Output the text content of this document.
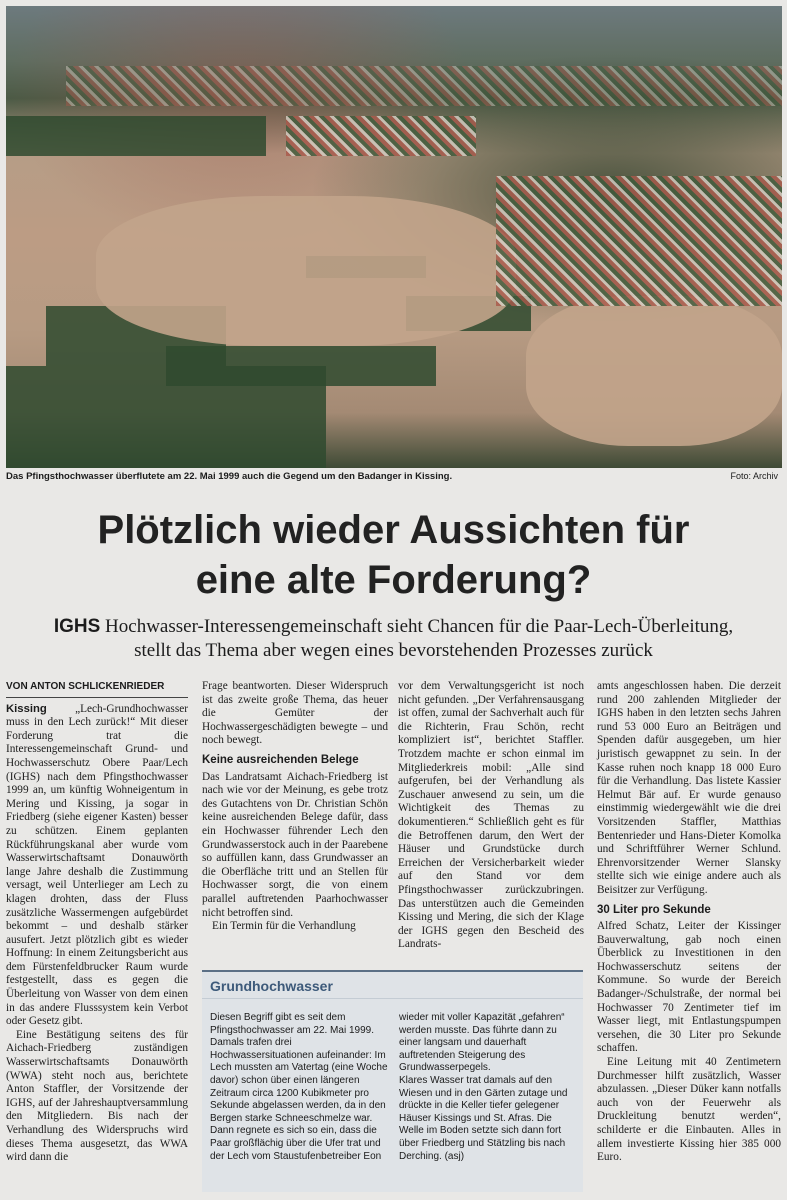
Das Pfingsthochwasser überflutete am 22. Mai 1999 auch die Gegend um den Badanger in Kissing.	Foto: Archiv
Plötzlich wieder Aussichten für
eine alte Forderung?
IGHS Hochwasser-Interessengemeinschaft sieht Chancen für die Paar-Lech-Überleitung,
stellt das Thema aber wegen eines bevorstehenden Prozesses zurück
VON ANTON SCHLICKENRIEDER

Kissing	„Lech-Grundhochwasser muss in den Lech zurück!“ Mit dieser Forderung trat die Interessengemeinschaft Grund- und Hochwasserschutz Obere Paar/Lech (IGHS) nach dem Pfingsthochwasser 1999 an, um künftig Wohneigentum in Mering und Kissing, ja sogar in Friedberg (siehe eigener Kasten) besser zu schützen. Einem geplanten Rückführungskanal aber wurde vom Wasserwirtschaftsamt Donauwörth lange Jahre deshalb die Zustimmung versagt, weil Unterlieger am Lech zu klagen drohten, dass der Fluss zusätzliche Wassermengen aufgebürdet bekommt – und deshalb stärker ausufert. Jetzt plötzlich gibt es wieder Hoffnung: In einem Zeitungsbericht aus dem Fürstenfeldbrucker Raum wurde festgestellt, dass es gegen die Überleitung von Wasser von dem einen in das andere Flusssystem kein Verbot oder Gesetz gibt.

Eine Bestätigung seitens des für Aichach-Friedberg zuständigen Wasserwirtschaftsamts Donauwörth (WWA) steht noch aus, berichtete Anton Staffler, der Vorsitzende der IGHS, auf der Jahreshauptversammlung den Mitgliedern. Bis nach der Verhandlung des Widerspruchs wird dieses Thema ausgesetzt, das WWA wird dann die

Frage beantworten. Dieser Widerspruch ist das zweite große Thema, das heuer die Gemüter der Hochwassergeschädigten bewegte – und noch bewegt.

Keine ausreichenden Belege

Das Landratsamt Aichach-Friedberg ist nach wie vor der Meinung, es gebe trotz des Gutachtens von Dr. Christian Schön keine ausreichenden Belege dafür, dass ein Hochwasser führender Lech den Grundwasserstock auch in der Paarebene so auffüllen kann, dass Grundwasser an die Oberfläche tritt und an Stellen für Hochwasser sorgt, die von einem parallel auftretenden Paarhochwasser nicht betroffen sind.

Ein Termin für die Verhandlung

vor dem Verwaltungsgericht ist noch nicht gefunden. „Der Verfahrensausgang ist offen, zumal der Sachverhalt auch für die Richterin, Frau Schön, recht kompliziert ist“, berichtet Staffler. Trotzdem machte er schon einmal im Mitgliederkreis mobil: „Alle sind aufgerufen, bei der Verhandlung als Zuschauer anwesend zu sein, um die Wichtigkeit des Themas zu dokumentieren.“ Schließlich geht es für die Betroffenen darum, den Wert der Häuser und Grundstücke durch Erreichen der Versicherbarkeit wieder auf den Stand vor dem Pfingsthochwasser zurückzubringen. Das unterstützen auch die Gemeinden Kissing und Mering, die sich der Klage der IGHS gegen den Bescheid des Landrats-

amts angeschlossen haben. Die derzeit rund 200 zahlenden Mitglieder der IGHS haben in den letzten sechs Jahren rund 53 000 Euro an Beiträgen und Spenden dafür ausgegeben, um hier juristisch gewappnet zu sein. In der Kasse ruhen noch knapp 18 000 Euro für die Verhandlung. Das listete Kassier Helmut Bär auf. Er wurde genauso einstimmig wiedergewählt wie die drei Vorsitzenden Staffler, Matthias Bentenrieder und Hans-Dieter Komolka und Schriftführer Werner Schlund. Ehrenvorsitzender Werner Slansky stellte sich wie einige andere auch als Beisitzer zur Verfügung.

30 Liter pro Sekunde

Alfred Schatz, Leiter der Kissinger Bauverwaltung, gab noch einen Überblick zu Investitionen in den Hochwasserschutz seitens der Kommune. So wurde der Bereich Badanger-/Schulstraße, der normal bei Hochwasser 70 Zentimeter tief im Wasser liegt, mit Entlastungspumpen versehen, die 30 Liter pro Sekunde schaffen.

Eine Leitung mit 40 Zentimetern Durchmesser hilft zusätzlich, Wasser abzulassen. „Dieser Düker kann notfalls auch von der Feuerwehr als Druckleitung benutzt werden“, schilderte er die Einbauten. Alles in allem investierte Kissing hier 385 000 Euro.

Grundhochwasser
Diesen Begriff gibt es seit dem Pfingsthochwasser am 22. Mai 1999. Damals trafen drei Hochwassersituationen aufeinander: Im Lech mussten am Vatertag (eine Woche davor) schon über einen längeren Zeitraum circa 1200 Kubikmeter pro Sekunde abgelassen werden, da in den Bergen starke Schneeschmelze war. Dann regnete es sich so ein, dass die Paar großflächig über die Ufer trat und der Lech vom Staustufenbetreiber Eon
wieder mit voller Kapazität „gefahren“ werden musste. Das führte dann zu einer langsam und dauerhaft auftretenden Steigerung des Grundwasserpegels.
Klares Wasser trat damals auf den Wiesen und in den Gärten zutage und drückte in die Keller tiefer gelegener Häuser Kissings und St. Afras. Die Welle im Boden setzte sich dann fort über Friedberg und Stätzling bis nach Derching. (asj)
